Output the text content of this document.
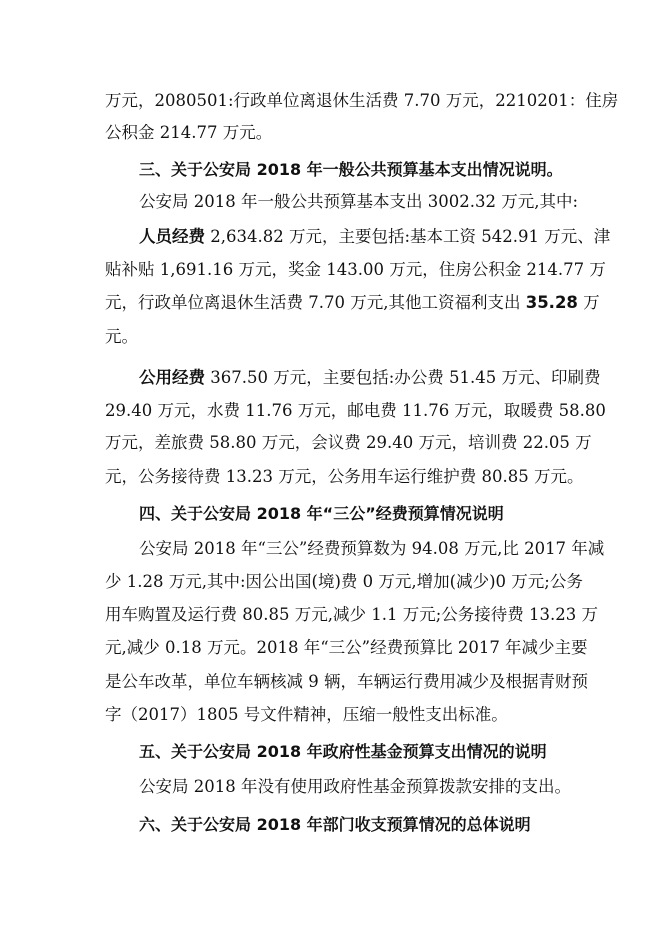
万元，2080501:行政单位离退休生活费 7.70 万元，2210201：住房
公积金 214.77 万元。
三、关于公安局 2018 年一般公共预算基本支出情况说明。
公安局 2018 年一般公共预算基本支出 3002.32 万元,其中:
人员经费 2,634.82 万元，主要包括:基本工资 542.91 万元、津
贴补贴 1,691.16 万元，奖金 143.00 万元，住房公积金 214.77 万
元，行政单位离退休生活费 7.70 万元,其他工资福利支出 35.28 万
元。
公用经费 367.50 万元，主要包括:办公费 51.45 万元、印刷费
29.40 万元，水费 11.76 万元，邮电费 11.76 万元，取暖费 58.80
万元，差旅费 58.80 万元，会议费 29.40 万元，培训费 22.05 万
元，公务接待费 13.23 万元，公务用车运行维护费 80.85 万元。
四、关于公安局 2018 年“三公”经费预算情况说明
公安局 2018 年“三公”经费预算数为 94.08 万元,比 2017 年减
少 1.28 万元,其中:因公出国(境)费 0 万元,增加(减少)0 万元;公务
用车购置及运行费 80.85 万元,减少 1.1 万元;公务接待费 13.23 万
元,减少 0.18 万元。2018 年“三公”经费预算比 2017 年减少主要
是公车改革，单位车辆核减 9 辆，车辆运行费用减少及根据青财预
字（2017）1805 号文件精神，压缩一般性支出标准。
五、关于公安局 2018 年政府性基金预算支出情况的说明
公安局 2018 年没有使用政府性基金预算拨款安排的支出。
六、关于公安局 2018 年部门收支预算情况的总体说明
